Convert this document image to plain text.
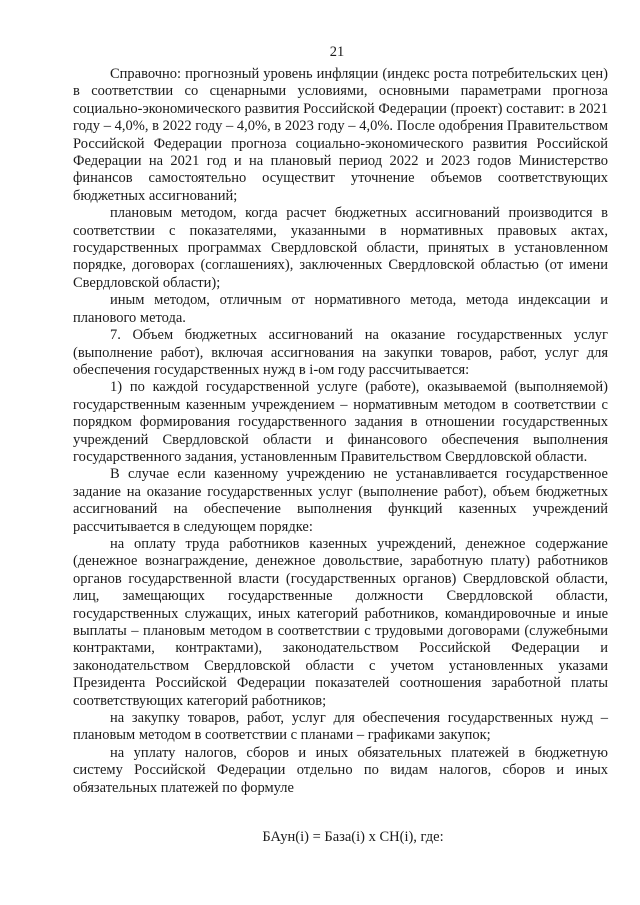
21

Справочно: прогнозный уровень инфляции (индекс роста потребительских цен) в соответствии со сценарными условиями, основными параметрами прогноза социально-экономического развития Российской Федерации (проект) составит: в 2021 году – 4,0%, в 2022 году – 4,0%, в 2023 году – 4,0%. После одобрения Правительством Российской Федерации прогноза социально-экономического развития Российской Федерации на 2021 год и на плановый период 2022 и 2023 годов Министерство финансов самостоятельно осуществит уточнение объемов соответствующих бюджетных ассигнований;

плановым методом, когда расчет бюджетных ассигнований производится в соответствии с показателями, указанными в нормативных правовых актах, государственных программах Свердловской области, принятых в установленном порядке, договорах (соглашениях), заключенных Свердловской областью (от имени Свердловской области);

иным методом, отличным от нормативного метода, метода индексации и планового метода.

7. Объем бюджетных ассигнований на оказание государственных услуг (выполнение работ), включая ассигнования на закупки товаров, работ, услуг для обеспечения государственных нужд в i-ом году рассчитывается:

1) по каждой государственной услуге (работе), оказываемой (выполняемой) государственным казенным учреждением – нормативным методом в соответствии с порядком формирования государственного задания в отношении государственных учреждений Свердловской области и финансового обеспечения выполнения государственного задания, установленным Правительством Свердловской области.

В случае если казенному учреждению не устанавливается государственное задание на оказание государственных услуг (выполнение работ), объем бюджетных ассигнований на обеспечение выполнения функций казенных учреждений рассчитывается в следующем порядке:

на оплату труда работников казенных учреждений, денежное содержание (денежное вознаграждение, денежное довольствие, заработную плату) работников органов государственной власти (государственных органов) Свердловской области, лиц, замещающих государственные должности Свердловской области, государственных служащих, иных категорий работников, командировочные и иные выплаты – плановым методом в соответствии с трудовыми договорами (служебными контрактами, контрактами), законодательством Российской Федерации и законодательством Свердловской области с учетом установленных указами Президента Российской Федерации показателей соотношения заработной платы соответствующих категорий работников;

на закупку товаров, работ, услуг для обеспечения государственных нужд – плановым методом в соответствии с планами – графиками закупок;

на уплату налогов, сборов и иных обязательных платежей в бюджетную систему Российской Федерации отдельно по видам налогов, сборов и иных обязательных платежей по формуле

БАун(i) = База(i) x СН(i), где:
